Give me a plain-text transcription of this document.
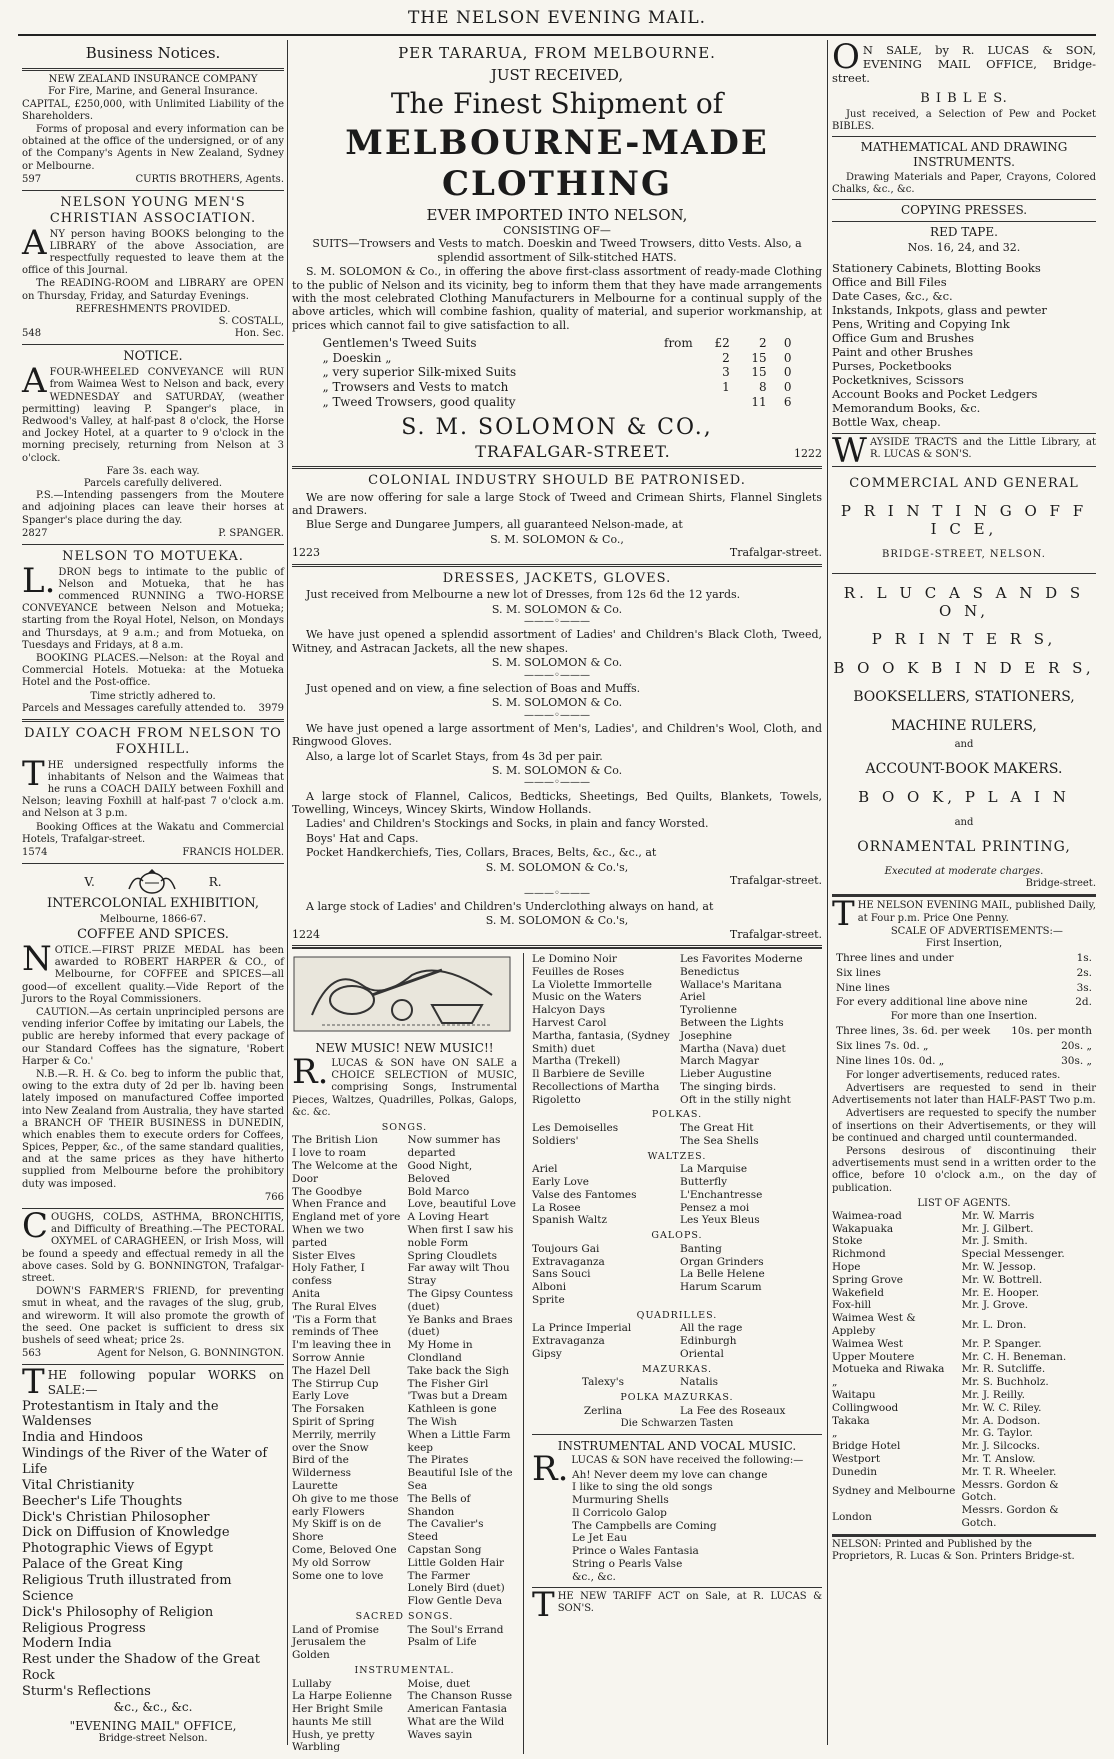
THE NELSON EVENING MAIL.
Business Notices.
NEW ZEALAND INSURANCE COMPANY
For Fire, Marine, and General Insurance.

CAPITAL, £250,000, with Unlimited Liability of the Shareholders.

Forms of proposal and every information can be obtained at the office of the undersigned, or of any of the Company's Agents in New Zealand, Sydney or Melbourne.

597	CURTIS BROTHERS, Agents.
NELSON YOUNG MEN'S CHRISTIAN ASSOCIATION.

ANY person having BOOKS belonging to the LIBRARY of the above Association, are respectfully requested to leave them at the office of this Journal.

The READING-ROOM and LIBRARY are OPEN on Thursday, Friday, and Saturday Evenings.

REFRESHMENTS PROVIDED.
S. COSTALL,
548	Hon. Sec.
NOTICE.

AFOUR-WHEELED CONVEYANCE will RUN from Waimea West to Nelson and back, every WEDNESDAY and SATURDAY, (weather permitting) leaving P. Spanger's place, in Redwood's Valley, at half-past 8 o'clock, the Horse and Jockey Hotel, at a quarter to 9 o'clock in the morning precisely, returning from Nelson at 3 o'clock.

Fare 3s. each way.
Parcels carefully delivered.

P.S.—Intending passengers from the Moutere and adjoining places can leave their horses at Spanger's place during the day.

2827	P. SPANGER.
NELSON TO MOTUEKA.

L.DRON begs to intimate to the public of Nelson and Motueka, that he has commenced RUNNING a TWO-HORSE CONVEYANCE between Nelson and Motueka; starting from the Royal Hotel, Nelson, on Mondays and Thursdays, at 9 a.m.; and from Motueka, on Tuesdays and Fridays, at 8 a.m.

BOOKING PLACES.—Nelson: at the Royal and Commercial Hotels. Motueka: at the Motueka Hotel and the Post-office.

Time strictly adhered to.
Parcels and Messages carefully attended to. 3979
DAILY COACH FROM NELSON TO FOXHILL.

THE undersigned respectfully informs the inhabitants of Nelson and the Waimeas that he runs a COACH DAILY between Foxhill and Nelson; leaving Foxhill at half-past 7 o'clock a.m. and Nelson at 3 p.m.

Booking Offices at the Wakatu and Commercial Hotels, Trafalgar-street.

1574	FRANCIS HOLDER.
V.	R.
INTERCOLONIAL EXHIBITION,
Melbourne, 1866-67.
COFFEE AND SPICES.

NOTICE.—FIRST PRIZE MEDAL has been awarded to ROBERT HARPER & CO., of Melbourne, for COFFEE and SPICES—all good—of excellent quality.—Vide Report of the Jurors to the Royal Commissioners.

CAUTION.—As certain unprincipled persons are vending inferior Coffee by imitating our Labels, the public are hereby informed that every package of our Standard Coffees has the signature, 'Robert Harper & Co.'

N.B.—R. H. & Co. beg to inform the public that, owing to the extra duty of 2d per lb. having been lately imposed on manufactured Coffee imported into New Zealand from Australia, they have started a BRANCH OF THEIR BUSINESS in DUNEDIN, which enables them to execute orders for Coffees, Spices, Pepper, &c., of the same standard qualities, and at the same prices as they have hitherto supplied from Melbourne before the prohibitory duty was imposed.

766

COUGHS, COLDS, ASTHMA, BRONCHITIS, and Difficulty of Breathing.—The PECTORAL OXYMEL of CARAGHEEN, or Irish Moss, will be found a speedy and effectual remedy in all the above cases. Sold by G. BONNINGTON, Trafalgar-street.

DOWN'S FARMER'S FRIEND, for preventing smut in wheat, and the ravages of the slug, grub, and wireworm. It will also promote the growth of the seed. One packet is sufficient to dress six bushels of seed wheat; price 2s.

563	Agent for Nelson, G. BONNINGTON.

THE following popular WORKS on SALE:—

Protestantism in Italy and the Waldenses
India and Hindoos
Windings of the River of the Water of Life
Vital Christianity
Beecher's Life Thoughts
Dick's Christian Philosopher
Dick on Diffusion of Knowledge
Photographic Views of Egypt
Palace of the Great King
Religious Truth illustrated from Science
Dick's Philosophy of Religion
Religious Progress
Modern India
Rest under the Shadow of the Great Rock
Sturm's Reflections
&c., &c., &c.
"EVENING MAIL" OFFICE,
Bridge-street Nelson.
PER TARARUA, FROM MELBOURNE.
JUST RECEIVED,
The Finest Shipment of
MELBOURNE-MADE CLOTHING
EVER IMPORTED INTO NELSON,
CONSISTING OF—

SUITS—Trowsers and Vests to match. Doeskin and Tweed Trowsers, ditto Vests. Also, a splendid assortment of Silk-stitched HATS.

S. M. SOLOMON & Co., in offering the above first-class assortment of ready-made Clothing to the public of Nelson and its vicinity, beg to inform them that they have made arrangements with the most celebrated Clothing Manufacturers in Melbourne for a continual supply of the above articles, which will combine fashion, quality of material, and superior workmanship, at prices which cannot fail to give satisfaction to all.

Gentlemen's Tweed Suits	from	£2	2	0
„ Doeskin „		2	15	0
„ very superior Silk-mixed Suits		3	15	0
„ Trowsers and Vests to match		1	8	0
„ Tweed Trowsers, good quality			11	6
S. M. SOLOMON & CO.,
TRAFALGAR-STREET.	1222
COLONIAL INDUSTRY SHOULD BE PATRONISED.

We are now offering for sale a large Stock of Tweed and Crimean Shirts, Flannel Singlets and Drawers.

Blue Serge and Dungaree Jumpers, all guaranteed Nelson-made, at

S. M. SOLOMON & Co.,
1223	Trafalgar-street.
DRESSES, JACKETS, GLOVES.

Just received from Melbourne a new lot of Dresses, from 12s 6d the 12 yards.

S. M. SOLOMON & Co.
———◦———

We have just opened a splendid assortment of Ladies' and Children's Black Cloth, Tweed, Witney, and Astracan Jackets, all the new shapes.

S. M. SOLOMON & Co.
———◦———

Just opened and on view, a fine selection of Boas and Muffs.

S. M. SOLOMON & Co.
———◦———

We have just opened a large assortment of Men's, Ladies', and Children's Wool, Cloth, and Ringwood Gloves.

Also, a large lot of Scarlet Stays, from 4s 3d per pair.

S. M. SOLOMON & Co.
———◦———

A large stock of Flannel, Calicos, Bedticks, Sheetings, Bed Quilts, Blankets, Towels, Towelling, Winceys, Wincey Skirts, Window Hollands.

Ladies' and Children's Stockings and Socks, in plain and fancy Worsted.

Boys' Hat and Caps.

Pocket Handkerchiefs, Ties, Collars, Braces, Belts, &c., &c., at

S. M. SOLOMON & Co.'s,
Trafalgar-street.
———◦———

A large stock of Ladies' and Children's Underclothing always on hand, at

S. M. SOLOMON & Co.'s,
1224	Trafalgar-street.
NEW MUSIC! NEW MUSIC!!

R.LUCAS & SON have ON SALE a CHOICE SELECTION of MUSIC, comprising Songs, Instrumental Pieces, Waltzes, Quadrilles, Polkas, Galops, &c. &c.

SONGS.
The British Lion
I love to roam
The Welcome at the Door
The Goodbye
When France and England met of yore
When we two parted
Sister Elves
Holy Father, I confess
Anita
The Rural Elves
'Tis a Form that reminds of Thee
I'm leaving thee in Sorrow Annie
The Hazel Dell
The Stirrup Cup
Early Love
The Forsaken
Spirit of Spring
Merrily, merrily over the Snow
Bird of the Wilderness
Laurette
Oh give to me those early Flowers
My Skiff is on de Shore
Come, Beloved One
My old Sorrow
Some one to love
Now summer has departed
Good Night, Beloved
Bold Marco
Love, beautiful Love
A Loving Heart
When first I saw his noble Form
Spring Cloudlets
Far away wilt Thou Stray
The Gipsy Countess (duet)
Ye Banks and Braes (duet)
My Home in Clondland
Take back the Sigh
The Fisher Girl
'Twas but a Dream
Kathleen is gone
The Wish
When a Little Farm keep
The Pirates
Beautiful Isle of the Sea
The Bells of Shandon
The Cavalier's Steed
Capstan Song
Little Golden Hair
The Farmer
Lonely Bird (duet)
Flow Gentle Deva
SACRED SONGS.
Land of Promise
Jerusalem the Golden
The Soul's Errand
Psalm of Life
INSTRUMENTAL.
Lullaby
La Harpe Eolienne
Her Bright Smile haunts Me still
Hush, ye pretty Warbling
Moise, duet
The Chanson Russe
American Fantasia
What are the Wild Waves sayin
Le Domino Noir
Feuilles de Roses
La Violette Immortelle
Music on the Waters
Halcyon Days
Harvest Carol
Martha, fantasia, (Sydney Smith) duet
Martha (Trekell)
Il Barbiere de Seville
Recollections of Martha
Rigoletto
Les Favorites Moderne
Benedictus
Wallace's Maritana
Ariel
Tyrolienne
Between the Lights
Josephine
Martha (Nava) duet
March Magyar
Lieber Augustine
The singing birds.
Oft in the stilly night
POLKAS.
Les Demoiselles
Soldiers'
The Great Hit
The Sea Shells
WALTZES.
Ariel
Early Love
Valse des Fantomes
La Rosee
Spanish Waltz
La Marquise
Butterfly
L'Enchantresse
Pensez a moi
Les Yeux Bleus
GALOPS.
Toujours Gai
Extravaganza
Sans Souci
Alboni
Sprite
Banting
Organ Grinders
La Belle Helene
Harum Scarum
QUADRILLES.
La Prince Imperial
Extravaganza
Gipsy
All the rage
Edinburgh
Oriental
MAZURKAS.
Talexy's	Natalis
POLKA MAZURKAS.
Zerlina	La Fee des Roseaux
Die Schwarzen Tasten
INSTRUMENTAL AND VOCAL MUSIC.

R.LUCAS & SON have received the following:—

Ah! Never deem my love can change
I like to sing the old songs
Murmuring Shells
Il Corricolo Galop
The Campbells are Coming
Le Jet Eau
Prince o Wales Fantasia
String o Pearls Valse
&c., &c.

THE NEW TARIFF ACT on Sale, at R. LUCAS & SON'S.

ON SALE, by R. LUCAS & SON, EVENING MAIL OFFICE, Bridge-street.

B I B L E S.

Just received, a Selection of Pew and Pocket BIBLES.

MATHEMATICAL AND DRAWING INSTRUMENTS.

Drawing Materials and Paper, Crayons, Colored Chalks, &c., &c.

COPYING PRESSES.
RED TAPE.
Nos. 16, 24, and 32.
Stationery Cabinets, Blotting Books
Office and Bill Files
Date Cases, &c., &c.
Inkstands, Inkpots, glass and pewter
Pens, Writing and Copying Ink
Office Gum and Brushes
Paint and other Brushes
Purses, Pocketbooks
Pocketknives, Scissors
Account Books and Pocket Ledgers
Memorandum Books, &c.
Bottle Wax, cheap.

WAYSIDE TRACTS and the Little Library, at R. LUCAS & SON'S.

COMMERCIAL AND GENERAL
P R I N T I N G O F F I C E,
BRIDGE-STREET, NELSON.
R. L U C A S A N D S O N,
P R I N T E R S,
B O O K B I N D E R S,
BOOKSELLERS, STATIONERS,
MACHINE RULERS,
and
ACCOUNT-BOOK MAKERS.
B O O K, P L A I N
and
ORNAMENTAL PRINTING,
Executed at moderate charges.
Bridge-street.

THE NELSON EVENING MAIL, published Daily, at Four p.m. Price One Penny.

SCALE OF ADVERTISEMENTS:—
First Insertion,
Three lines and under	1s.
Six lines	2s.
Nine lines	3s.
For every additional line above nine	2d.
For more than one Insertion.
Three lines, 3s. 6d. per week	10s. per month
Six lines 7s. 0d. „	20s. „
Nine lines 10s. 0d. „	30s. „

For longer advertisements, reduced rates.

Advertisers are requested to send in their Advertisements not later than HALF-PAST Two p.m.

Advertisers are requested to specify the number of insertions on their Advertisements, or they will be continued and charged until countermanded.

Persons desirous of discontinuing their advertisements must send in a written order to the office, before 10 o'clock a.m., on the day of publication.

LIST OF AGENTS.
Waimea-road	Mr. W. Marris
Wakapuaka	Mr. J. Gilbert.
Stoke	Mr. J. Smith.
Richmond	Special Messenger.
Hope	Mr. W. Jessop.
Spring Grove	Mr. W. Bottrell.
Wakefield	Mr. E. Hooper.
Fox-hill	Mr. J. Grove.
Waimea West & Appleby	Mr. L. Dron.
Waimea West	Mr. P. Spanger.
Upper Moutere	Mr. C. H. Beneman.
Motueka and Riwaka	Mr. R. Sutcliffe.
„	Mr. S. Buchholz.
Waitapu	Mr. J. Reilly.
Collingwood	Mr. W. C. Riley.
Takaka	Mr. A. Dodson.
„	Mr. G. Taylor.
Bridge Hotel	Mr. J. Silcocks.
Westport	Mr. T. Anslow.
Dunedin	Mr. T. R. Wheeler.
Sydney and Melbourne	Messrs. Gordon & Gotch.
London	Messrs. Gordon & Gotch.
NELSON: Printed and Published by the Proprietors, R. Lucas & Son. Printers Bridge-st.
